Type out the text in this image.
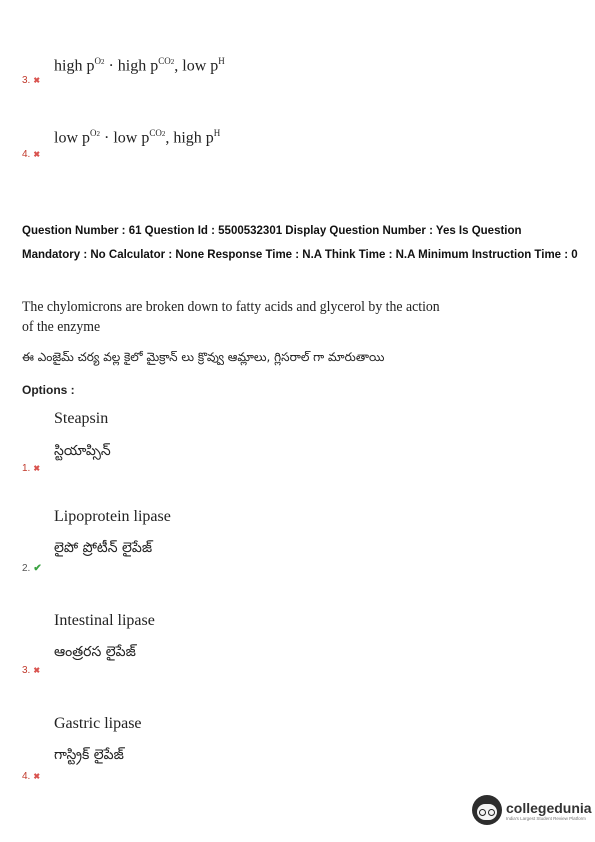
high $p^{O2}$ · high $p^{CO2}$, low $p^H$
3. ✖
low $p^{O2}$ · low $p^{CO2}$, high $p^H$
4. ✖
Question Number : 61 Question Id : 5500532301 Display Question Number : Yes Is Question Mandatory : No Calculator : None Response Time : N.A Think Time : N.A Minimum Instruction Time : 0
The chylomicrons are broken down to fatty acids and glycerol by the action of the enzyme
ఈ ఎంజైమ్ చర్య వల్ల కైలో మైక్రాన్ లు క్రొవ్వు ఆమ్లాలు, గ్లిసరాల్ గా మారుతాయి
Options :
Steapsin
స్టియాప్సిన్
1. ✖
Lipoprotein lipase
లైపో ప్రోటీన్ లైపేజ్
2. ✔
Intestinal lipase
ఆంత్రరస లైపేజ్
3. ✖
Gastric lipase
గాస్ట్రిక్ లైపేజ్
4. ✖
collegedunia
India's Largest Student Review Platform
